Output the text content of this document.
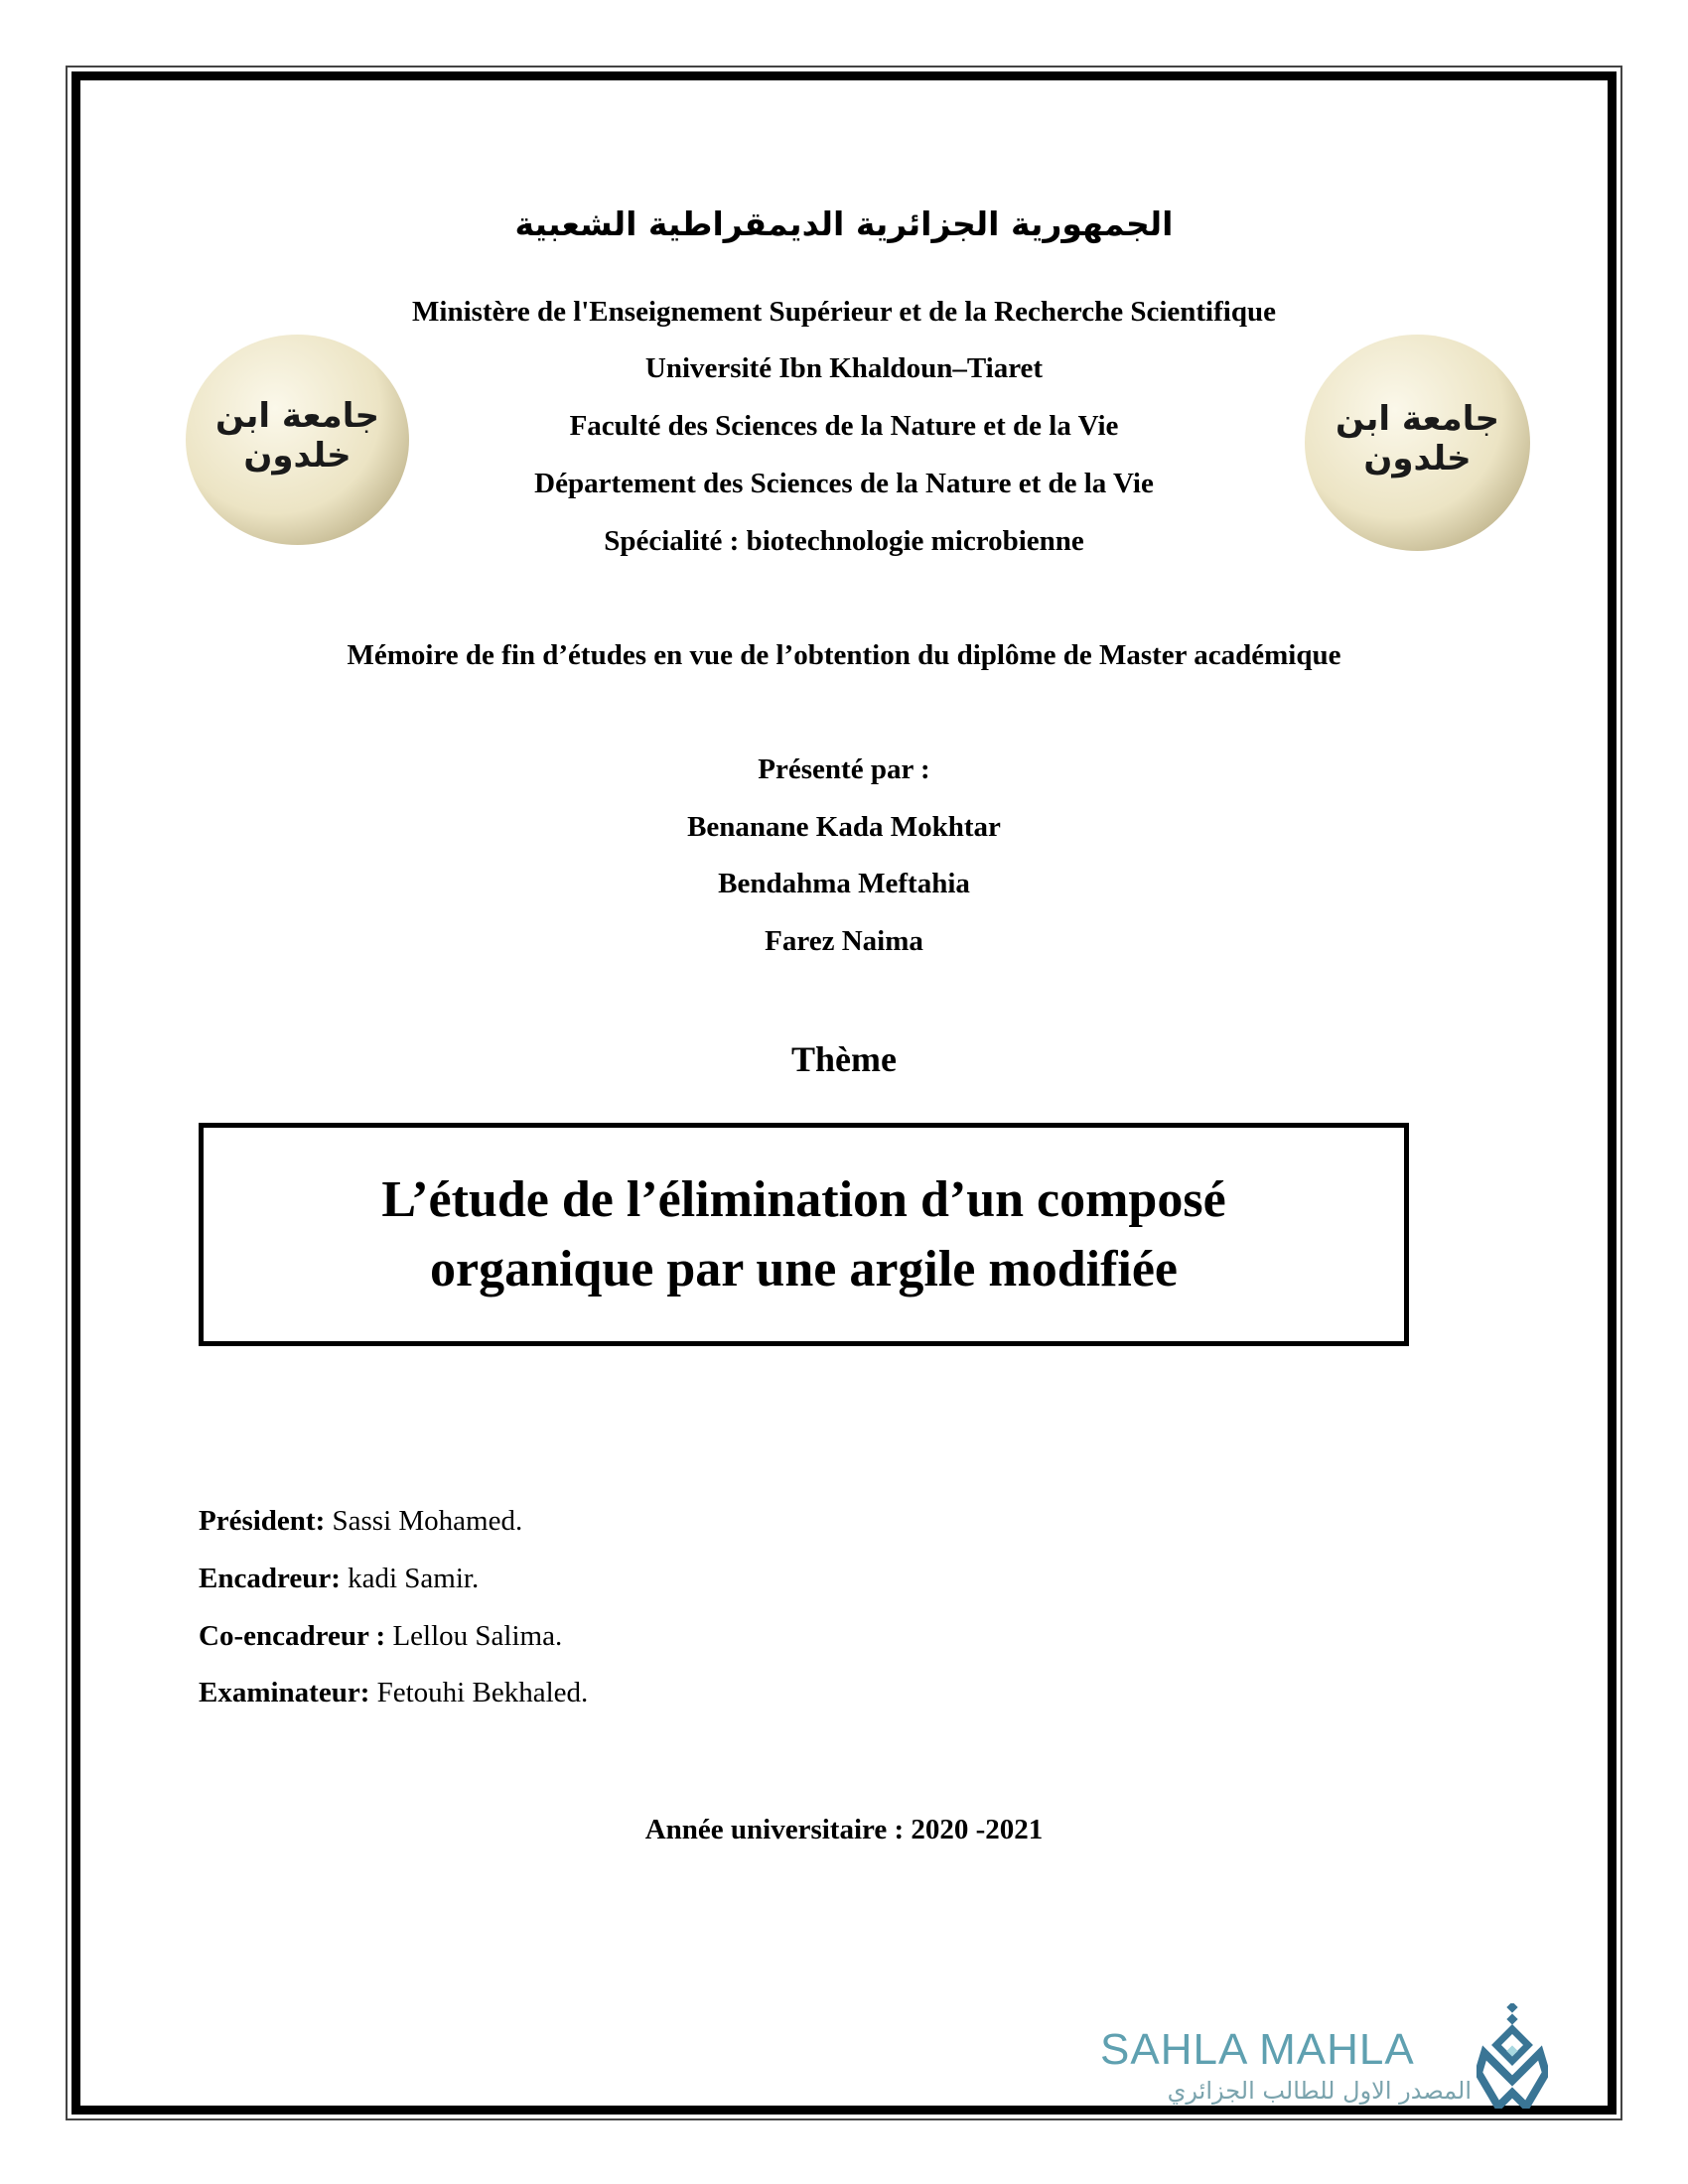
الجمهورية الجزائرية الديمقراطية الشعبية
Ministère de l'Enseignement Supérieur et de la Recherche Scientifique
Université Ibn Khaldoun–Tiaret
Faculté des Sciences de la Nature et de la Vie
Département des Sciences de la Nature et de la Vie
Spécialité : biotechnologie microbienne
جامعة ابن خلدون
جامعة ابن خلدون
Mémoire de fin d’études en vue de l’obtention du diplôme de Master académique
Présenté par :
Benanane Kada Mokhtar
Bendahma Meftahia
Farez Naima
Thème
L’étude de l’élimination d’un composé
organique par une argile modifiée
Président: Sassi Mohamed.
Encadreur: kadi Samir.
Co-encadreur : Lellou Salima.
Examinateur: Fetouhi Bekhaled.
Année universitaire : 2020 -2021
SAHLA MAHLA
المصدر الاول للطالب الجزائري
